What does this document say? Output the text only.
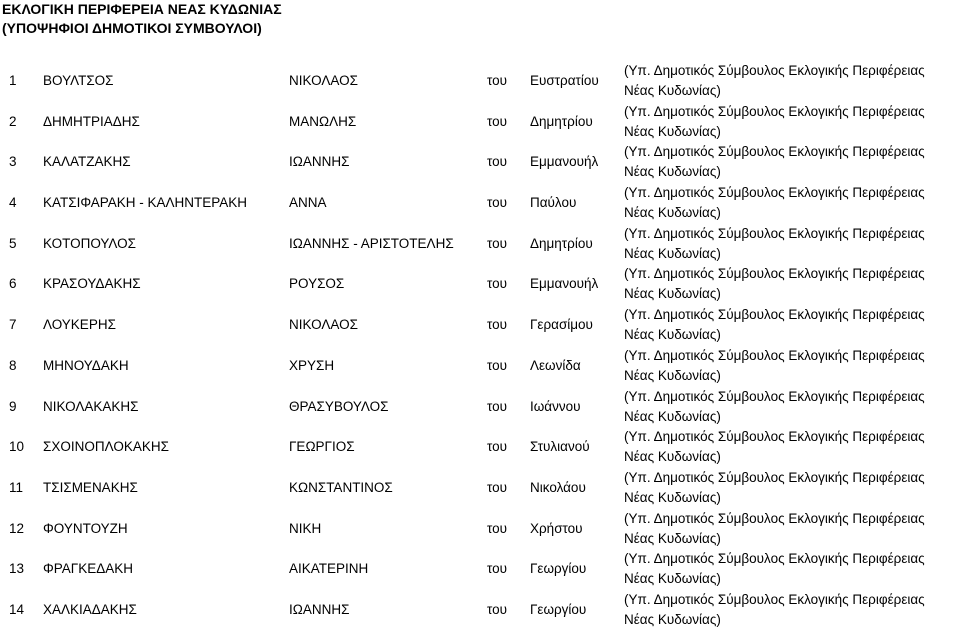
ΕΚΛΟΓΙΚΗ ΠΕΡΙΦΕΡΕΙΑ ΝΕΑΣ ΚΥΔΩΝΙΑΣ
(ΥΠΟΨΗΦΙΟΙ ΔΗΜΟΤΙΚΟΙ ΣΥΜΒΟΥΛΟΙ)
1 ΒΟΥΛΤΣΟΣ	ΝΙΚΟΛΑΟΣ	του Ευστρατίου
(Υπ. Δημοτικός Σύμβουλος Εκλογικής Περιφέρειας
Νέας Κυδωνίας)
2 ΔΗΜΗΤΡΙΑΔΗΣ	ΜΑΝΩΛΗΣ	του Δημητρίου
(Υπ. Δημοτικός Σύμβουλος Εκλογικής Περιφέρειας
Νέας Κυδωνίας)
3 ΚΑΛΑΤΖΑΚΗΣ	ΙΩΑΝΝΗΣ	του Εμμανουήλ
(Υπ. Δημοτικός Σύμβουλος Εκλογικής Περιφέρειας
Νέας Κυδωνίας)
4 ΚΑΤΣΙΦΑΡΑΚΗ - ΚΑΛΗΝΤΕΡΑΚΗ	ΑΝΝΑ	του Παύλου
(Υπ. Δημοτικός Σύμβουλος Εκλογικής Περιφέρειας
Νέας Κυδωνίας)
5 ΚΟΤΟΠΟΥΛΟΣ	ΙΩΑΝΝΗΣ - ΑΡΙΣΤΟΤΕΛΗΣ του Δημητρίου
(Υπ. Δημοτικός Σύμβουλος Εκλογικής Περιφέρειας
Νέας Κυδωνίας)
6 ΚΡΑΣΟΥΔΑΚΗΣ	ΡΟΥΣΟΣ	του Εμμανουήλ
(Υπ. Δημοτικός Σύμβουλος Εκλογικής Περιφέρειας
Νέας Κυδωνίας)
7 ΛΟΥΚΕΡΗΣ	ΝΙΚΟΛΑΟΣ	του Γερασίμου
(Υπ. Δημοτικός Σύμβουλος Εκλογικής Περιφέρειας
Νέας Κυδωνίας)
8 ΜΗΝΟΥΔΑΚΗ	ΧΡΥΣΗ	του Λεωνίδα
(Υπ. Δημοτικός Σύμβουλος Εκλογικής Περιφέρειας
Νέας Κυδωνίας)
9 ΝΙΚΟΛΑΚΑΚΗΣ	ΘΡΑΣΥΒΟΥΛΟΣ	του Ιωάννου
(Υπ. Δημοτικός Σύμβουλος Εκλογικής Περιφέρειας
Νέας Κυδωνίας)
10 ΣΧΟΙΝΟΠΛΟΚΑΚΗΣ	ΓΕΩΡΓΙΟΣ	του Στυλιανού
(Υπ. Δημοτικός Σύμβουλος Εκλογικής Περιφέρειας
Νέας Κυδωνίας)
11 ΤΣΙΣΜΕΝΑΚΗΣ	ΚΩΝΣΤΑΝΤΙΝΟΣ	του Νικολάου
(Υπ. Δημοτικός Σύμβουλος Εκλογικής Περιφέρειας
Νέας Κυδωνίας)
12 ΦΟΥΝΤΟΥΖΗ	ΝΙΚΗ	του Χρήστου
(Υπ. Δημοτικός Σύμβουλος Εκλογικής Περιφέρειας
Νέας Κυδωνίας)
13 ΦΡΑΓΚΕΔΑΚΗ	ΑΙΚΑΤΕΡΙΝΗ	του Γεωργίου
(Υπ. Δημοτικός Σύμβουλος Εκλογικής Περιφέρειας
Νέας Κυδωνίας)
14 ΧΑΛΚΙΑΔΑΚΗΣ	ΙΩΑΝΝΗΣ	του Γεωργίου
(Υπ. Δημοτικός Σύμβουλος Εκλογικής Περιφέρειας
Νέας Κυδωνίας)
